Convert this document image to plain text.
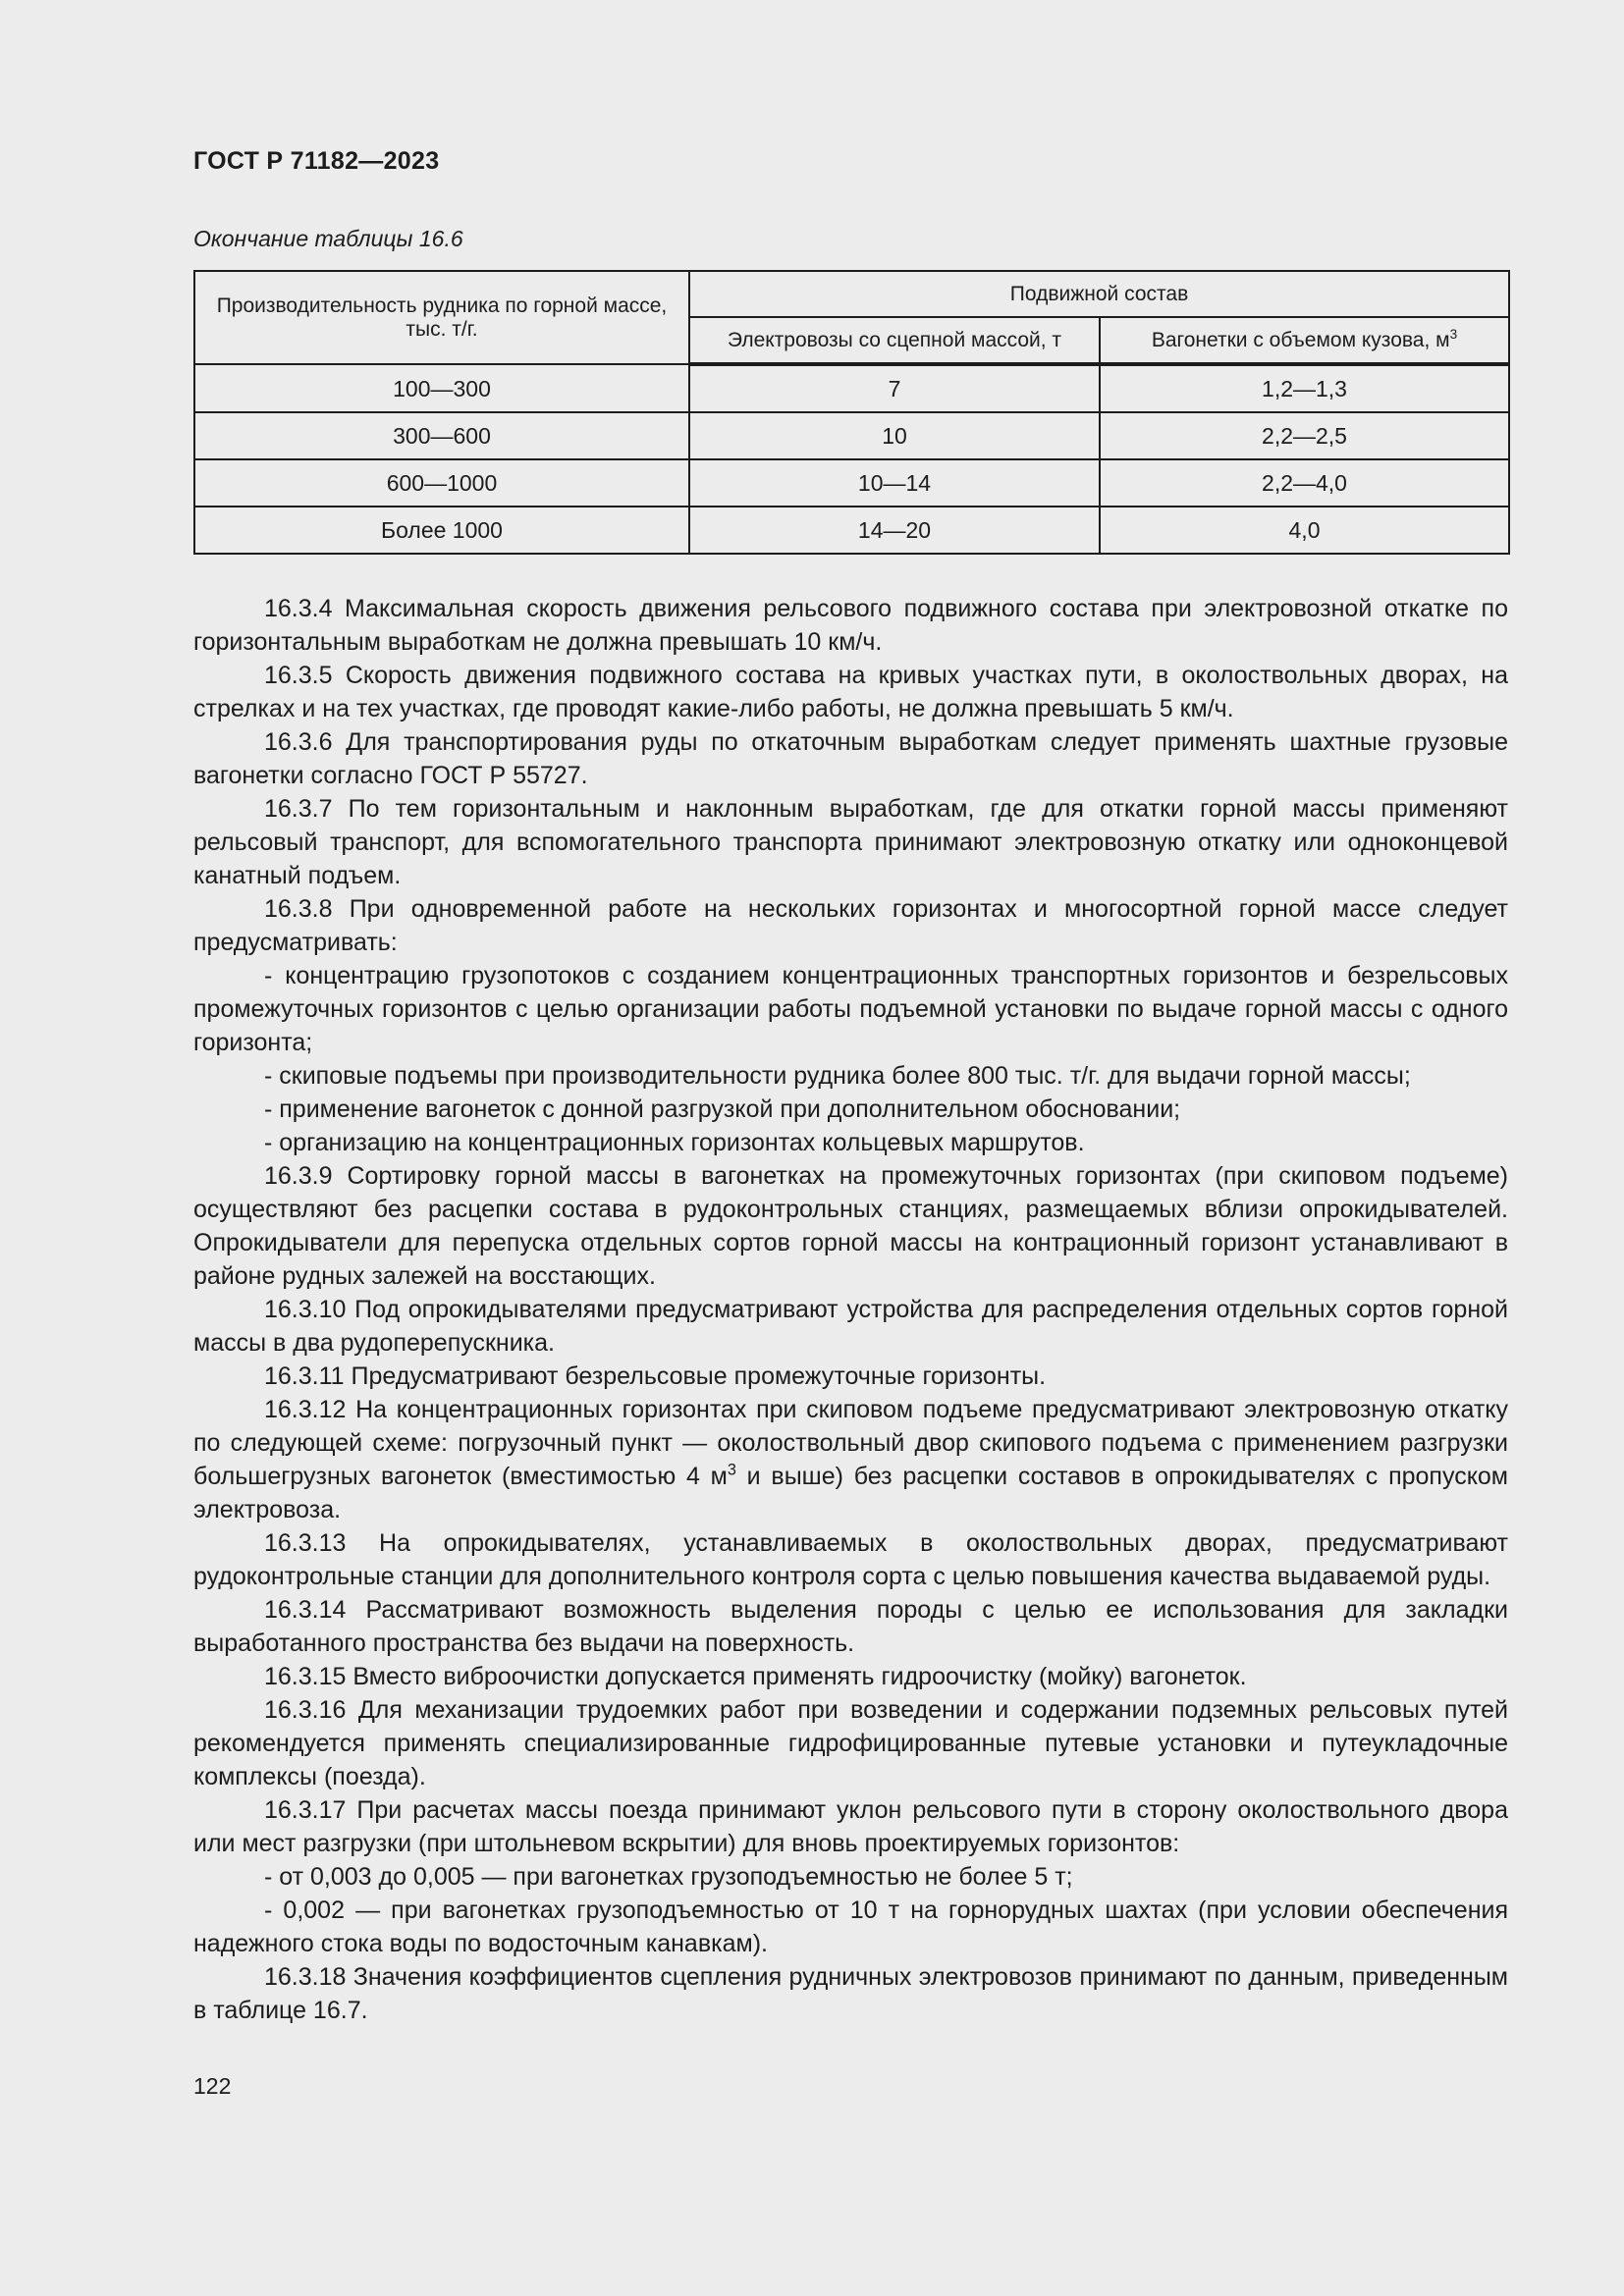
ГОСТ Р 71182—2023
Окончание таблицы 16.6
Производительность рудника по горной массе, тыс. т/г.	Подвижной состав	
	Электровозы со сцепной массой, т	Вагонетки с объемом кузова, $м^3$
100—300	7	1,2—1,3
300—600	10	2,2—2,5
600—1000	10—14	2,2—4,0
Более 1000	14—20	4,0

16.3.4 Максимальная скорость движения рельсового подвижного состава при электровозной откатке по горизонтальным выработкам не должна превышать 10 км/ч.

16.3.5 Скорость движения подвижного состава на кривых участках пути, в околоствольных дворах, на стрелках и на тех участках, где проводят какие-либо работы, не должна превышать 5 км/ч.

16.3.6 Для транспортирования руды по откаточным выработкам следует применять шахтные грузовые вагонетки согласно ГОСТ Р 55727.

16.3.7 По тем горизонтальным и наклонным выработкам, где для откатки горной массы применяют рельсовый транспорт, для вспомогательного транспорта принимают электровозную откатку или одноконцевой канатный подъем.

16.3.8 При одновременной работе на нескольких горизонтах и многосортной горной массе следует предусматривать:

- концентрацию грузопотоков с созданием концентрационных транспортных горизонтов и безрельсовых промежуточных горизонтов с целью организации работы подъемной установки по выдаче горной массы с одного горизонта;

- скиповые подъемы при производительности рудника более 800 тыс. т/г. для выдачи горной массы;

- применение вагонеток с донной разгрузкой при дополнительном обосновании;

- организацию на концентрационных горизонтах кольцевых маршрутов.

16.3.9 Сортировку горной массы в вагонетках на промежуточных горизонтах (при скиповом подъеме) осуществляют без расцепки состава в рудоконтрольных станциях, размещаемых вблизи опрокидывателей. Опрокидыватели для перепуска отдельных сортов горной массы на контрационный горизонт устанавливают в районе рудных залежей на восстающих.

16.3.10 Под опрокидывателями предусматривают устройства для распределения отдельных сортов горной массы в два рудоперепускника.

16.3.11 Предусматривают безрельсовые промежуточные горизонты.

16.3.12 На концентрационных горизонтах при скиповом подъеме предусматривают электровозную откатку по следующей схеме: погрузочный пункт — околоствольный двор скипового подъема с применением разгрузки большегрузных вагонеток (вместимостью 4 $м^3$ и выше) без расцепки составов в опрокидывателях с пропуском электровоза.

16.3.13 На опрокидывателях, устанавливаемых в околоствольных дворах, предусматривают рудоконтрольные станции для дополнительного контроля сорта с целью повышения качества выдаваемой руды.

16.3.14 Рассматривают возможность выделения породы с целью ее использования для закладки выработанного пространства без выдачи на поверхность.

16.3.15 Вместо виброочистки допускается применять гидроочистку (мойку) вагонеток.

16.3.16 Для механизации трудоемких работ при возведении и содержании подземных рельсовых путей рекомендуется применять специализированные гидрофицированные путевые установки и путеукладочные комплексы (поезда).

16.3.17 При расчетах массы поезда принимают уклон рельсового пути в сторону околоствольного двора или мест разгрузки (при штольневом вскрытии) для вновь проектируемых горизонтов:

- от 0,003 до 0,005 — при вагонетках грузоподъемностью не более 5 т;

- 0,002 — при вагонетках грузоподъемностью от 10 т на горнорудных шахтах (при условии обеспечения надежного стока воды по водосточным канавкам).

16.3.18 Значения коэффициентов сцепления рудничных электровозов принимают по данным, приведенным в таблице 16.7.

122
